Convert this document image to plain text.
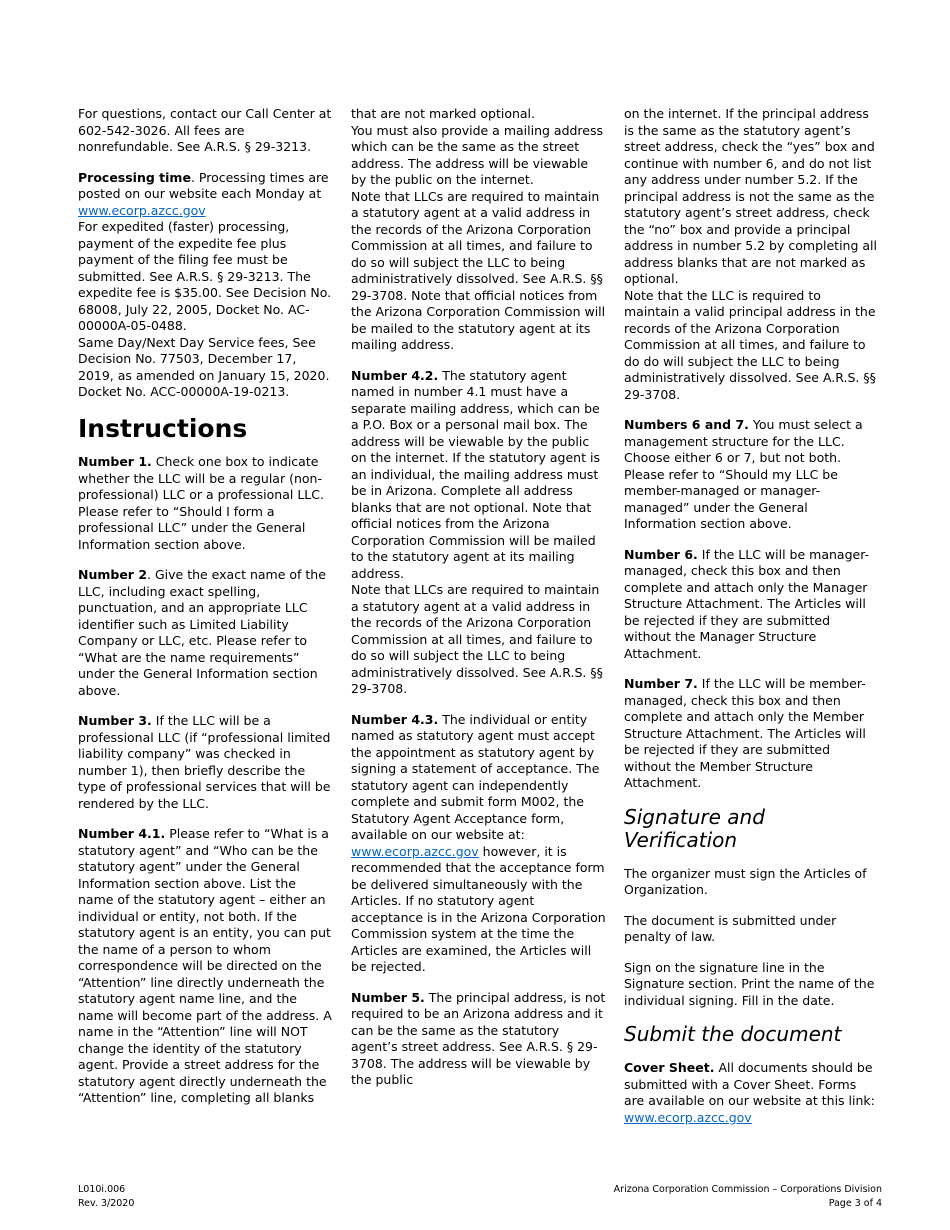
For questions, contact our Call Center at 602-542-3026. All fees are nonrefundable. See A.R.S. § 29-3213.

Processing time. Processing times are posted on our website each Monday at www.ecorp.azcc.gov
For expedited (faster) processing, payment of the expedite fee plus payment of the filing fee must be submitted. See A.R.S. § 29-3213. The expedite fee is $35.00. See Decision No. 68008, July 22, 2005, Docket No. AC-00000A-05-0488.
Same Day/Next Day Service fees, See Decision No. 77503, December 17, 2019, as amended on January 15, 2020. Docket No. ACC-00000A-19-0213.

Instructions

Number 1. Check one box to indicate whether the LLC will be a regular (non-professional) LLC or a professional LLC. Please refer to “Should I form a professional LLC” under the General Information section above.

Number 2. Give the exact name of the LLC, including exact spelling, punctuation, and an appropriate LLC identifier such as Limited Liability Company or LLC, etc. Please refer to “What are the name requirements” under the General Information section above.

Number 3. If the LLC will be a professional LLC (if “professional limited liability company” was checked in number 1), then briefly describe the type of professional services that will be rendered by the LLC.

Number 4.1. Please refer to “What is a statutory agent” and “Who can be the statutory agent” under the General Information section above. List the name of the statutory agent – either an individual or entity, not both. If the statutory agent is an entity, you can put the name of a person to whom correspondence will be directed on the “Attention” line directly underneath the statutory agent name line, and the name will become part of the address. A name in the “Attention” line will NOT change the identity of the statutory agent. Provide a street address for the statutory agent directly underneath the “Attention” line, completing all blanks

that are not marked optional.
You must also provide a mailing address which can be the same as the street address. The address will be viewable by the public on the internet.
Note that LLCs are required to maintain a statutory agent at a valid address in the records of the Arizona Corporation Commission at all times, and failure to do so will subject the LLC to being administratively dissolved. See A.R.S. §§ 29-3708. Note that official notices from the Arizona Corporation Commission will be mailed to the statutory agent at its mailing address.

Number 4.2. The statutory agent named in number 4.1 must have a separate mailing address, which can be a P.O. Box or a personal mail box. The address will be viewable by the public on the internet. If the statutory agent is an individual, the mailing address must be in Arizona. Complete all address blanks that are not optional. Note that official notices from the Arizona Corporation Commission will be mailed to the statutory agent at its mailing address.
Note that LLCs are required to maintain a statutory agent at a valid address in the records of the Arizona Corporation Commission at all times, and failure to do so will subject the LLC to being administratively dissolved. See A.R.S. §§ 29-3708.

Number 4.3. The individual or entity named as statutory agent must accept the appointment as statutory agent by signing a statement of acceptance. The statutory agent can independently complete and submit form M002, the Statutory Agent Acceptance form, available on our website at: www.ecorp.azcc.gov however, it is recommended that the acceptance form be delivered simultaneously with the Articles. If no statutory agent acceptance is in the Arizona Corporation Commission system at the time the Articles are examined, the Articles will be rejected.

Number 5. The principal address, is not required to be an Arizona address and it can be the same as the statutory agent’s street address. See A.R.S. § 29-3708. The address will be viewable by the public

on the internet. If the principal address is the same as the statutory agent’s street address, check the “yes” box and continue with number 6, and do not list any address under number 5.2. If the principal address is not the same as the statutory agent’s street address, check the “no” box and provide a principal address in number 5.2 by completing all address blanks that are not marked as optional.
Note that the LLC is required to maintain a valid principal address in the records of the Arizona Corporation Commission at all times, and failure to do do will subject the LLC to being administratively dissolved. See A.R.S. §§ 29-3708.

Numbers 6 and 7. You must select a management structure for the LLC. Choose either 6 or 7, but not both. Please refer to “Should my LLC be member-managed or manager-managed” under the General Information section above.

Number 6. If the LLC will be manager-managed, check this box and then complete and attach only the Manager Structure Attachment. The Articles will be rejected if they are submitted without the Manager Structure Attachment.

Number 7. If the LLC will be member-managed, check this box and then complete and attach only the Member Structure Attachment. The Articles will be rejected if they are submitted without the Member Structure Attachment.

Signature and Verification

The organizer must sign the Articles of Organization.

The document is submitted under penalty of law.

Sign on the signature line in the Signature section. Print the name of the individual signing. Fill in the date.

Submit the document

Cover Sheet. All documents should be submitted with a Cover Sheet. Forms are available on our website at this link: www.ecorp.azcc.gov

L010i.006
Rev. 3/2020
Arizona Corporation Commission – Corporations Division
Page 3 of 4
